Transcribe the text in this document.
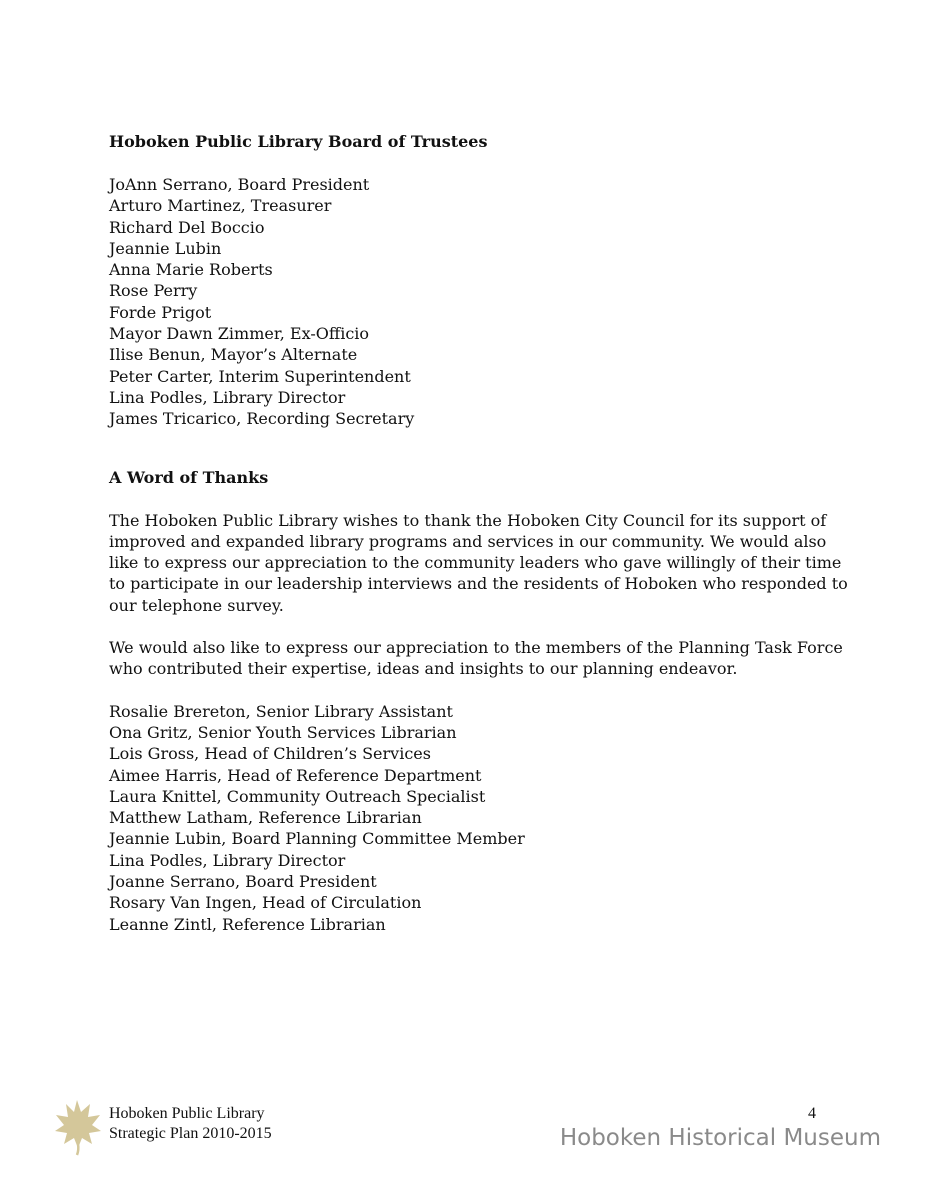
Hoboken Public Library Board of Trustees

JoAnn Serrano, Board President

Arturo Martinez, Treasurer

Richard Del Boccio

Jeannie Lubin

Anna Marie Roberts

Rose Perry

Forde Prigot

Mayor Dawn Zimmer, Ex-Officio

Ilise Benun, Mayor’s Alternate

Peter Carter, Interim Superintendent

Lina Podles, Library Director

James Tricarico, Recording Secretary

A Word of Thanks

The Hoboken Public Library wishes to thank the Hoboken City Council for its support of

improved and expanded library programs and services in our community. We would also

like to express our appreciation to the community leaders who gave willingly of their time

to participate in our leadership interviews and the residents of Hoboken who responded to

our telephone survey.

We would also like to express our appreciation to the members of the Planning Task Force

who contributed their expertise, ideas and insights to our planning endeavor.

Rosalie Brereton, Senior Library Assistant

Ona Gritz, Senior Youth Services Librarian

Lois Gross, Head of Children’s Services

Aimee Harris, Head of Reference Department

Laura Knittel, Community Outreach Specialist

Matthew Latham, Reference Librarian

Jeannie Lubin, Board Planning Committee Member

Lina Podles, Library Director

Joanne Serrano, Board President

Rosary Van Ingen, Head of Circulation

Leanne Zintl, Reference Librarian

Hoboken Public Library
Strategic Plan 2010-2015
4
Hoboken Historical Museum
